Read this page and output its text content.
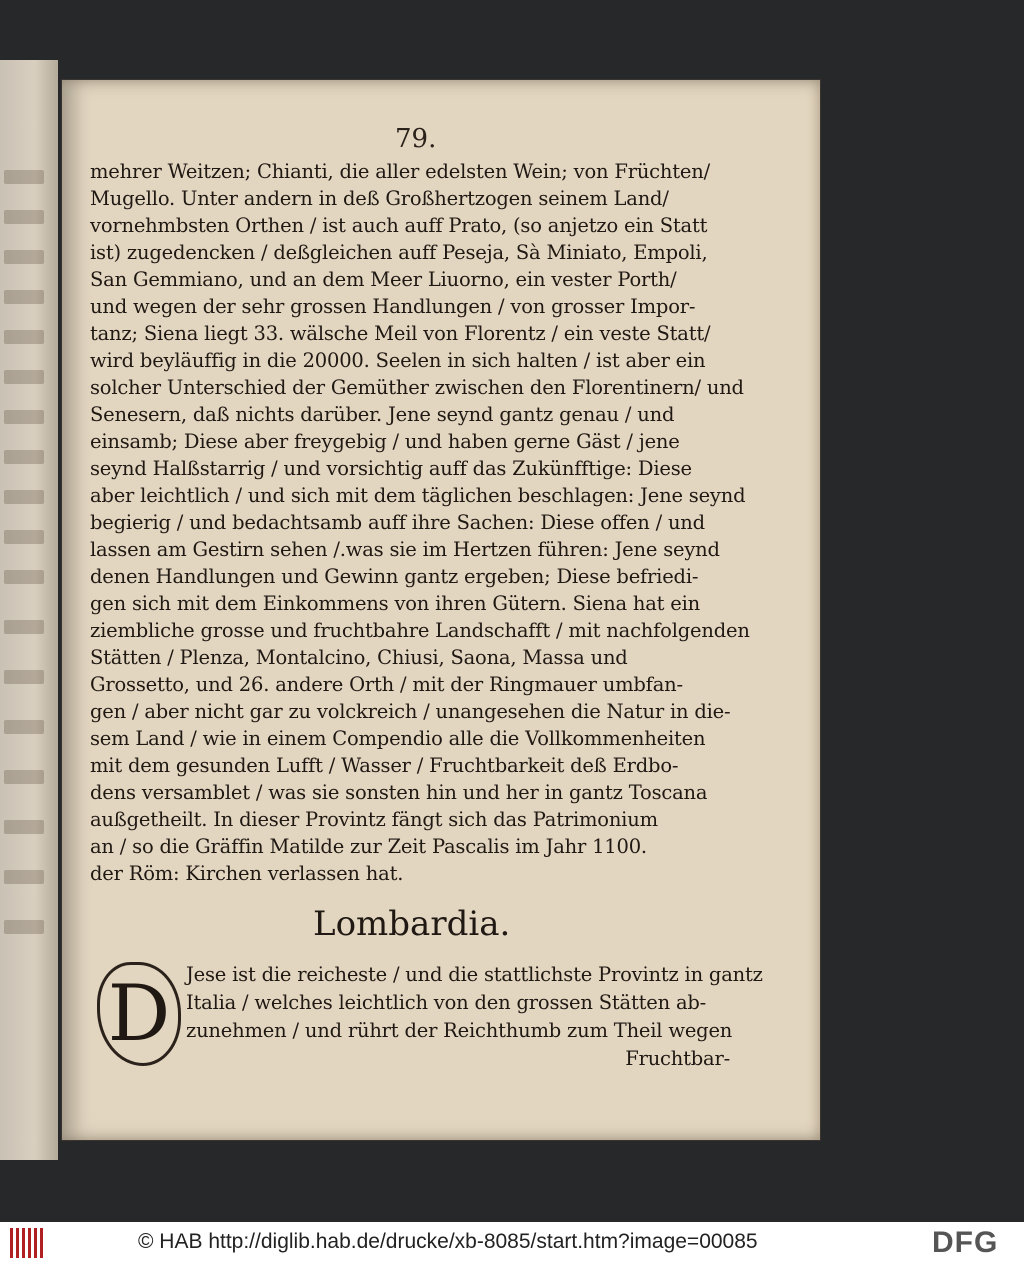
79.
mehrer Weitzen; Chianti, die aller edelsten Wein; von Früchten/
Mugello. Unter andern in deß Großhertzogen seinem Land/
vornehmbsten Orthen / ist auch auff Prato, (so anjetzo ein Statt
ist) zugedencken / deßgleichen auff Peseja, Sà Miniato, Empoli,
San Gemmiano, und an dem Meer Liuorno, ein vester Porth/
und wegen der sehr grossen Handlungen / von grosser Impor-
tanz; Siena liegt 33. wälsche Meil von Florentz / ein veste Statt/
wird beyläuffig in die 20000. Seelen in sich halten / ist aber ein
solcher Unterschied der Gemüther zwischen den Florentinern/ und
Senesern, daß nichts darüber. Jene seynd gantz genau / und
einsamb; Diese aber freygebig / und haben gerne Gäst / jene
seynd Halßstarrig / und vorsichtig auff das Zukünfftige: Diese
aber leichtlich / und sich mit dem täglichen beschlagen: Jene seynd
begierig / und bedachtsamb auff ihre Sachen: Diese offen / und
lassen am Gestirn sehen /.was sie im Hertzen führen: Jene seynd
denen Handlungen und Gewinn gantz ergeben; Diese befriedi-
gen sich mit dem Einkommens von ihren Gütern. Siena hat ein
ziembliche grosse und fruchtbahre Landschafft / mit nachfolgenden
Stätten / Plenza, Montalcino, Chiusi, Saona, Massa und
Grossetto, und 26. andere Orth / mit der Ringmauer umbfan-
gen / aber nicht gar zu volckreich / unangesehen die Natur in die-
sem Land / wie in einem Compendio alle die Vollkommenheiten
mit dem gesunden Lufft / Wasser / Fruchtbarkeit deß Erdbo-
dens versamblet / was sie sonsten hin und her in gantz Toscana
außgetheilt. In dieser Provintz fängt sich das Patrimonium
an / so die Gräffin Matilde zur Zeit Pascalis im Jahr 1100.
der Röm: Kirchen verlassen hat.
Lombardia.
D Jese ist die reicheste / und die stattlichste Provintz in gantz
Italia / welches leichtlich von den grossen Stätten ab-
zunehmen / und rührt der Reichthumb zum Theil wegen
Fruchtbar-
© HAB http://diglib.hab.de/drucke/xb-8085/start.htm?image=00085	DFG
